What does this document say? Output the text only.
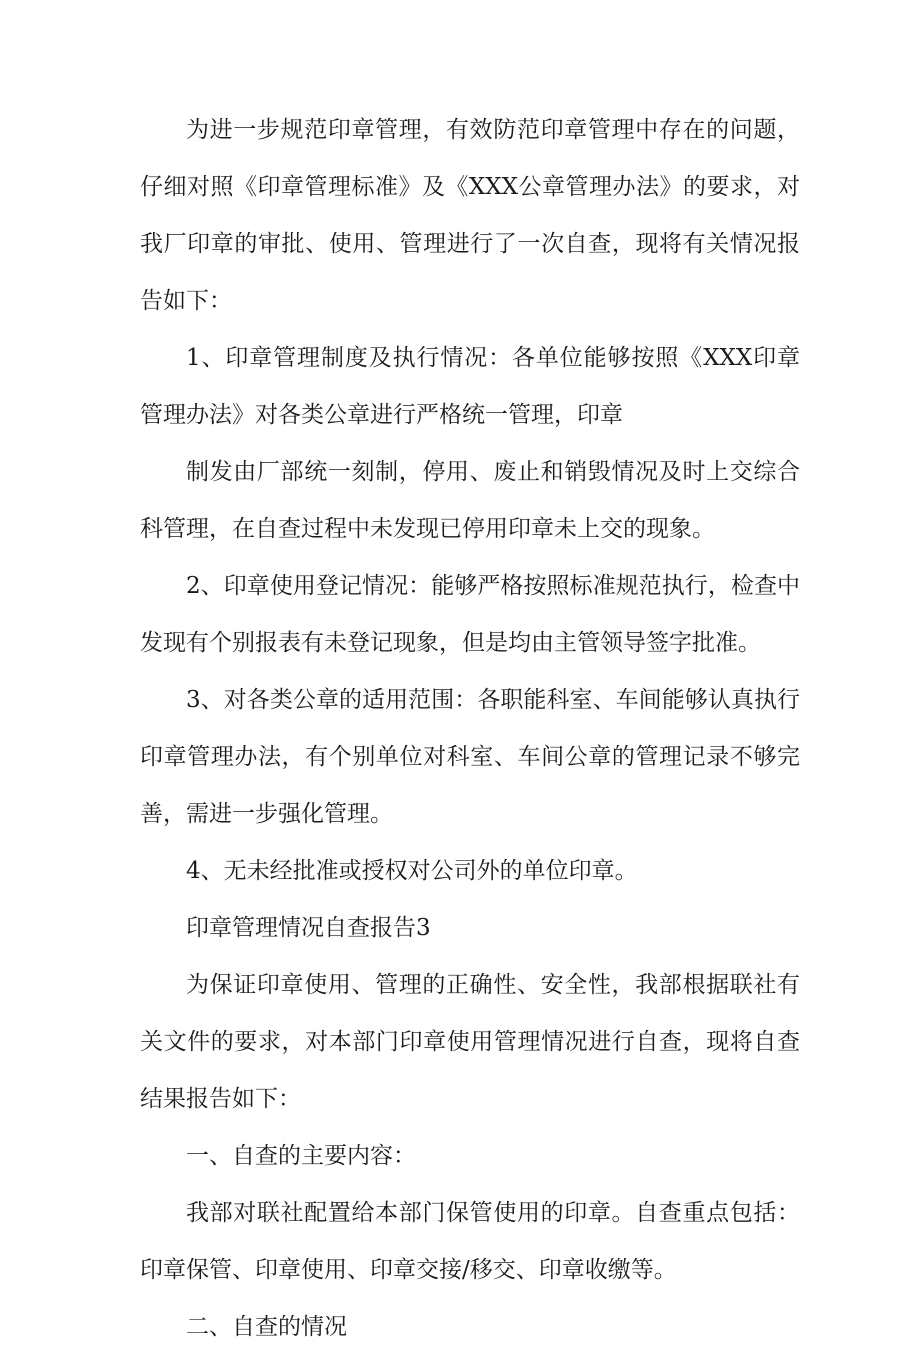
为进一步规范印章管理，有效防范印章管理中存在的问题，仔细对照《印章管理标准》及《XXX公章管理办法》的要求，对我厂印章的审批、使用、管理进行了一次自查，现将有关情况报告如下：

1、印章管理制度及执行情况：各单位能够按照《XXX印章管理办法》对各类公章进行严格统一管理，印章

制发由厂部统一刻制，停用、废止和销毁情况及时上交综合科管理，在自查过程中未发现已停用印章未上交的现象。

2、印章使用登记情况：能够严格按照标准规范执行，检查中发现有个别报表有未登记现象，但是均由主管领导签字批准。

3、对各类公章的适用范围：各职能科室、车间能够认真执行印章管理办法，有个别单位对科室、车间公章的管理记录不够完善，需进一步强化管理。

4、无未经批准或授权对公司外的单位印章。

印章管理情况自查报告3

为保证印章使用、管理的正确性、安全性，我部根据联社有关文件的要求，对本部门印章使用管理情况进行自查，现将自查结果报告如下：

一、自查的主要内容：

我部对联社配置给本部门保管使用的印章。自查重点包括：印章保管、印章使用、印章交接/移交、印章收缴等。

二、自查的情况
